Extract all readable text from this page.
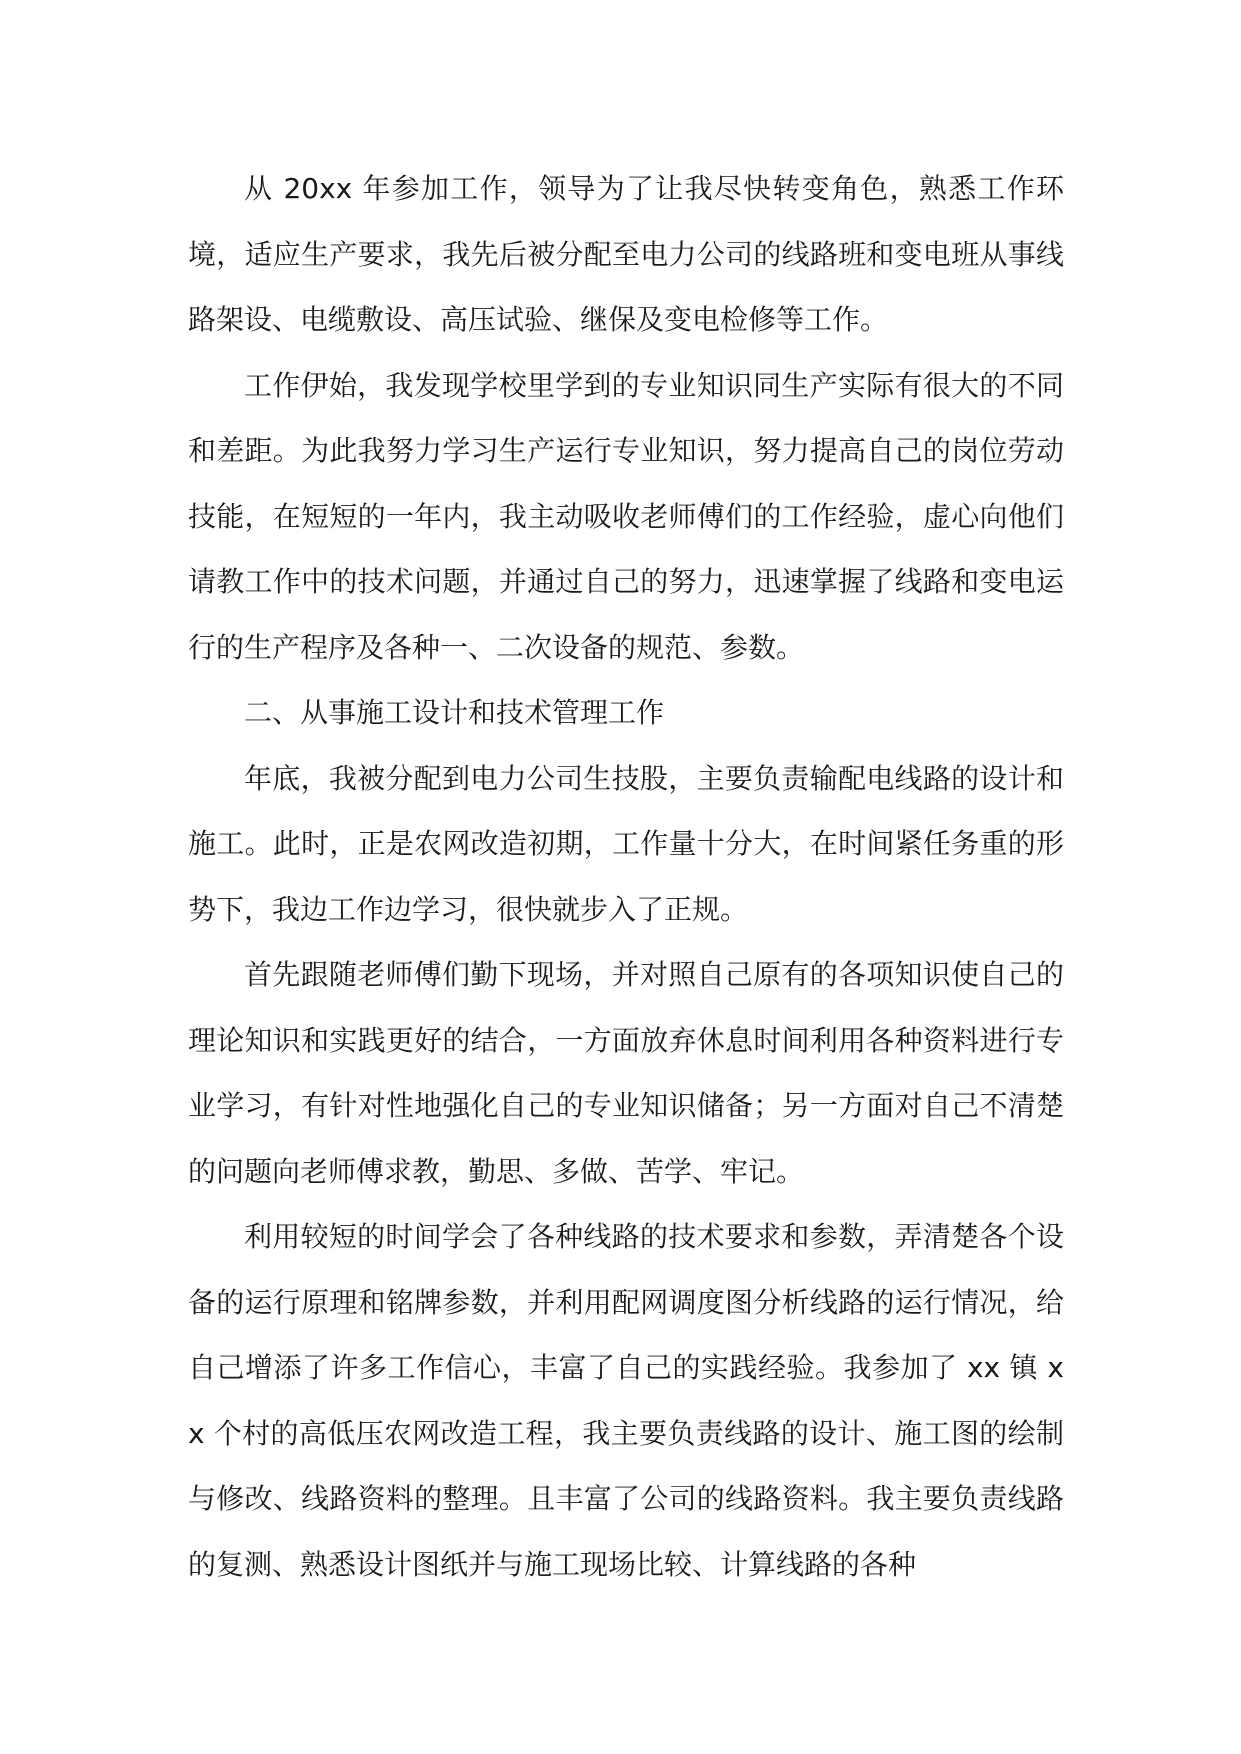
从 20xx 年参加工作，领导为了让我尽快转变角色，熟悉工作环境，适应生产要求，我先后被分配至电力公司的线路班和变电班从事线路架设、电缆敷设、高压试验、继保及变电检修等工作。

工作伊始，我发现学校里学到的专业知识同生产实际有很大的不同和差距。为此我努力学习生产运行专业知识，努力提高自己的岗位劳动技能，在短短的一年内，我主动吸收老师傅们的工作经验，虚心向他们请教工作中的技术问题，并通过自己的努力，迅速掌握了线路和变电运行的生产程序及各种一、二次设备的规范、参数。

二、从事施工设计和技术管理工作

年底，我被分配到电力公司生技股，主要负责输配电线路的设计和施工。此时，正是农网改造初期，工作量十分大，在时间紧任务重的形势下，我边工作边学习，很快就步入了正规。

首先跟随老师傅们勤下现场，并对照自己原有的各项知识使自己的理论知识和实践更好的结合，一方面放弃休息时间利用各种资料进行专业学习，有针对性地强化自己的专业知识储备；另一方面对自己不清楚的问题向老师傅求教，勤思、多做、苦学、牢记。

利用较短的时间学会了各种线路的技术要求和参数，弄清楚各个设备的运行原理和铭牌参数，并利用配网调度图分析线路的运行情况，给自己增添了许多工作信心，丰富了自己的实践经验。我参加了 xx 镇 xx 个村的高低压农网改造工程，我主要负责线路的设计、施工图的绘制与修改、线路资料的整理。且丰富了公司的线路资料。我主要负责线路的复测、熟悉设计图纸并与施工现场比较、计算线路的各种
